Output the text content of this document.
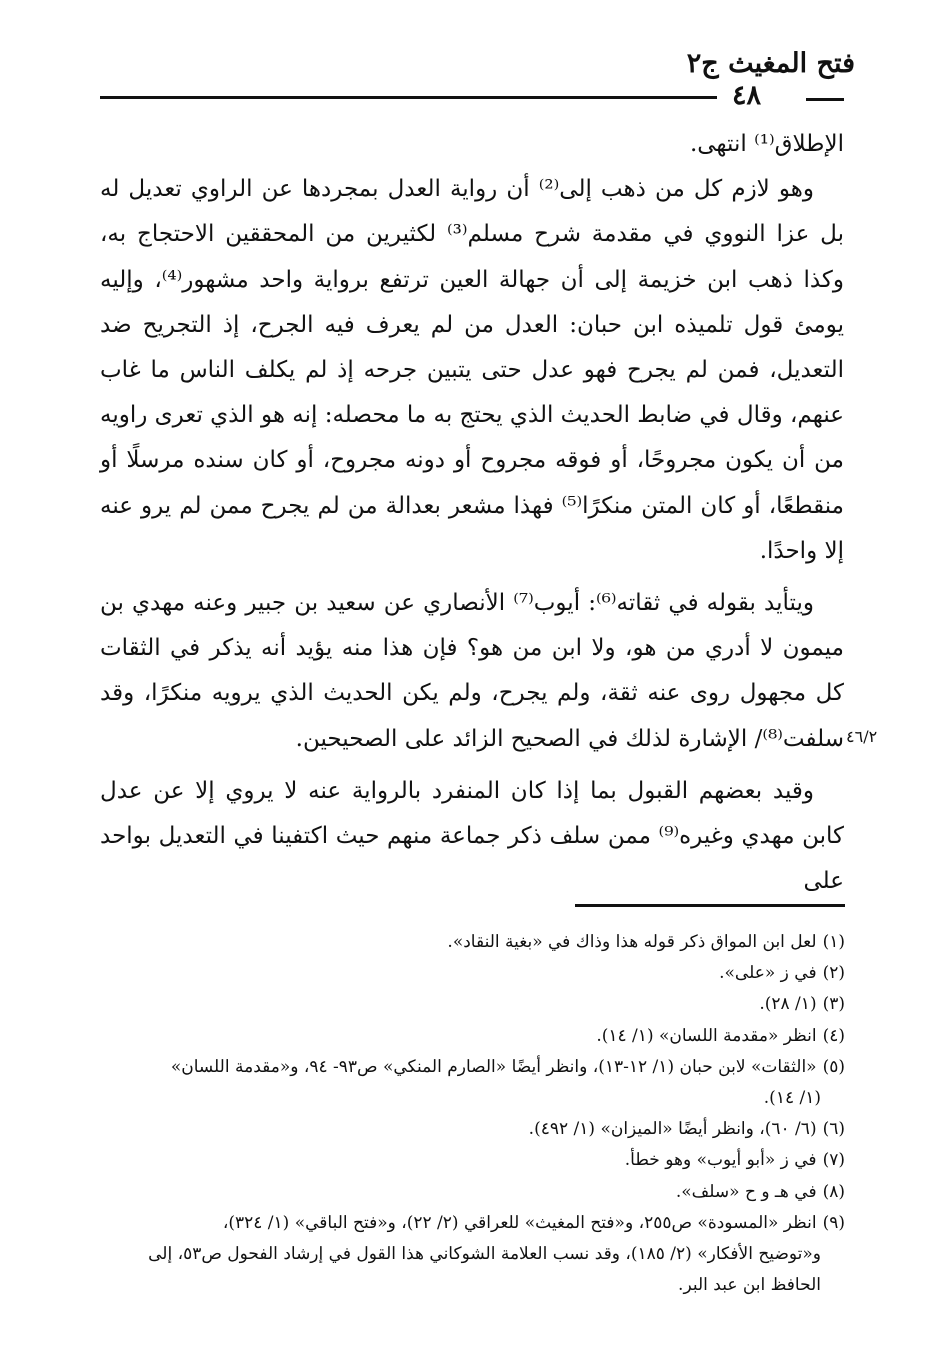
فتح المغيث ج٢
٤٨

الإطلاق⁽¹⁾ انتهى.

وهو لازم كل من ذهب إلى⁽²⁾ أن رواية العدل بمجردها عن الراوي تعديل له بل عزا النووي في مقدمة شرح مسلم⁽³⁾ لكثيرين من المحققين الاحتجاج به، وكذا ذهب ابن خزيمة إلى أن جهالة العين ترتفع برواية واحد مشهور⁽⁴⁾، وإليه يومئ قول تلميذه ابن حبان: العدل من لم يعرف فيه الجرح، إذ التجريح ضد التعديل، فمن لم يجرح فهو عدل حتى يتبين جرحه إذ لم يكلف الناس ما غاب عنهم، وقال في ضابط الحديث الذي يحتج به ما محصله: إنه هو الذي تعرى راويه من أن يكون مجروحًا، أو فوقه مجروح أو دونه مجروح، أو كان سنده مرسلًا أو منقطعًا، أو كان المتن منكرًا⁽⁵⁾ فهذا مشعر بعدالة من لم يجرح ممن لم يرو عنه إلا واحدًا.

ويتأيد بقوله في ثقاته⁽⁶⁾: أيوب⁽⁷⁾ الأنصاري عن سعيد بن جبير وعنه مهدي بن ميمون لا أدري من هو، ولا ابن من هو؟ فإن هذا منه يؤيد أنه يذكر في الثقات كل مجهول روى عنه ثقة، ولم يجرح، ولم يكن الحديث الذي يرويه منكرًا، وقد سلفت⁽⁸⁾/ الإشارة لذلك في الصحيح الزائد على الصحيحين.

وقيد بعضهم القبول بما إذا كان المنفرد بالرواية عنه لا يروي إلا عن عدل كابن مهدي وغيره⁽⁹⁾ ممن سلف ذكر جماعة منهم حيث اكتفينا في التعديل بواحد على

٤٦/٢

(١)لعل ابن المواق ذكر قوله هذا وذاك في «بغية النقاد».

(٢)في ز «على».

(٣)(١/ ٢٨).

(٤)انظر «مقدمة اللسان» (١/ ١٤).

(٥)«الثقات» لابن حبان (١/ ١٢-١٣)، وانظر أيضًا «الصارم المنكي» ص٩٣- ٩٤، و«مقدمة اللسان»

(١/ ١٤).

(٦)(٦/ ٦٠)، وانظر أيضًا «الميزان» (١/ ٤٩٢).

(٧)في ز «أبو أيوب» وهو خطأ.

(٨)في هـ و ح «سلف».

(٩)انظر «المسودة» ص٢٥٥، و«فتح المغيث» للعراقي (٢/ ٢٢)، و«فتح الباقي» (١/ ٣٢٤)،

و«توضيح الأفكار» (٢/ ١٨٥)، وقد نسب العلامة الشوكاني هذا القول في إرشاد الفحول ص٥٣، إلى الحافظ ابن عبد البر.
